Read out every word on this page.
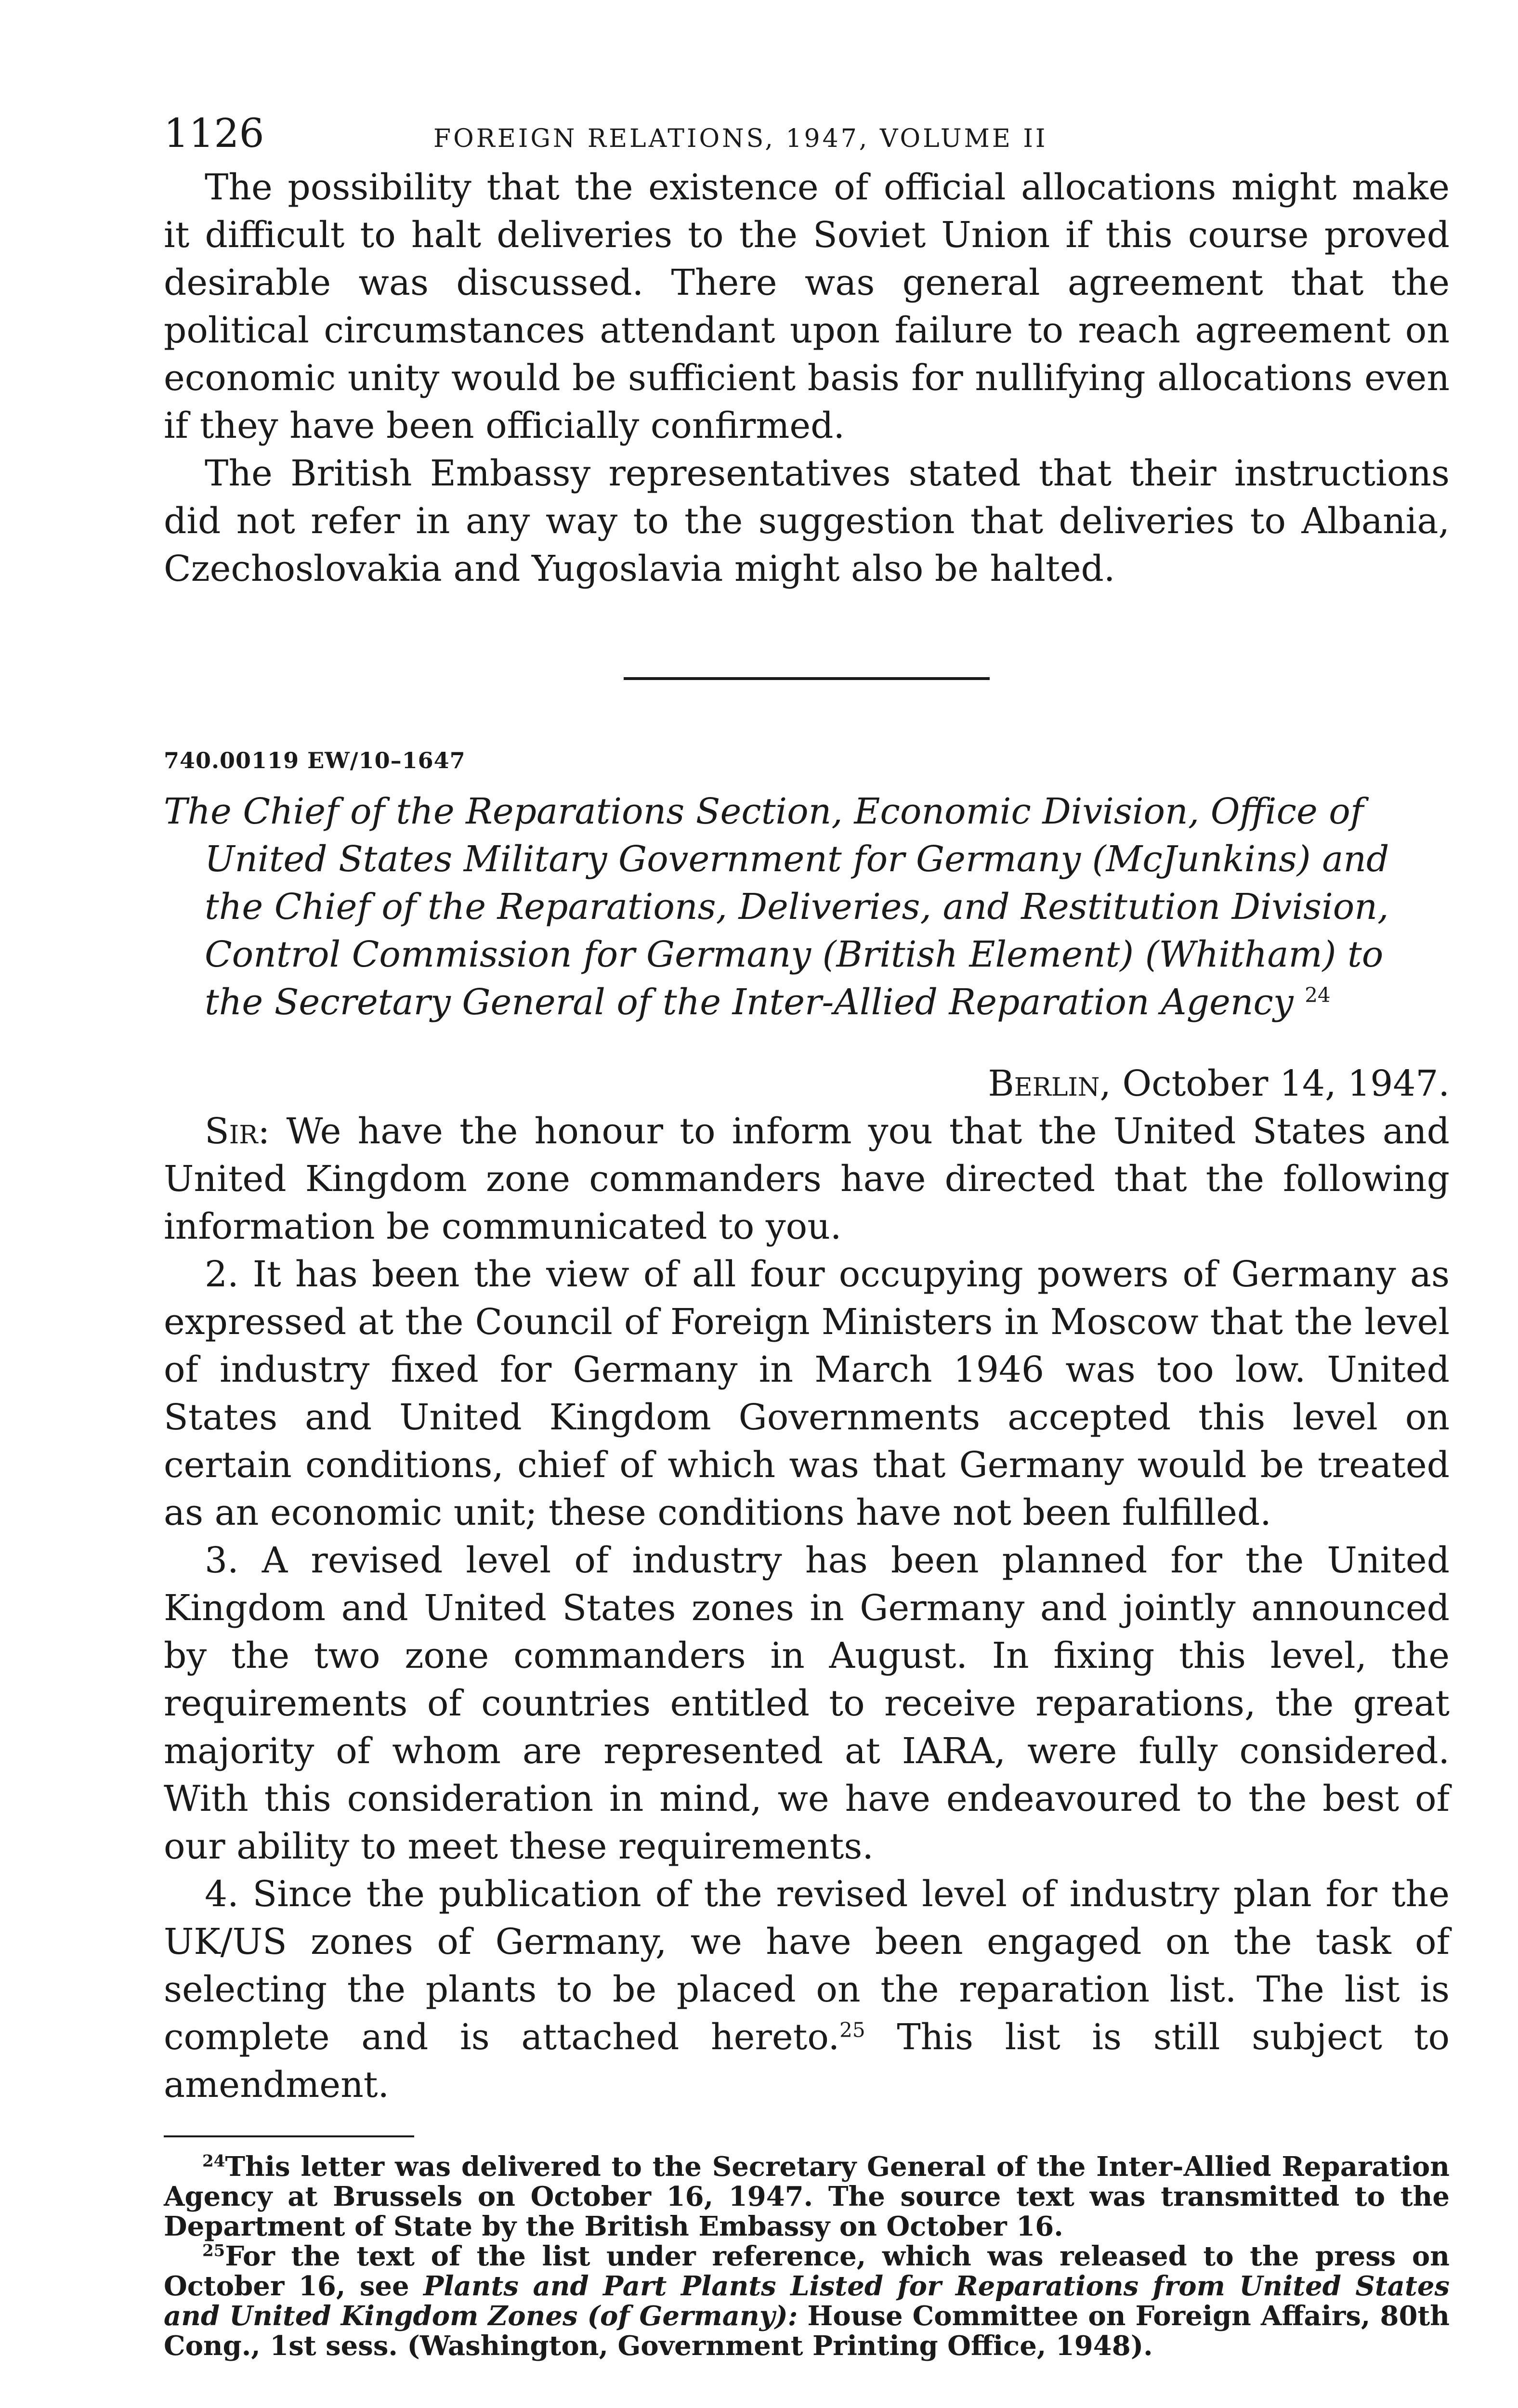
1126	FOREIGN RELATIONS, 1947, VOLUME II

The possibility that the existence of official allocations might make it difficult to halt deliveries to the Soviet Union if this course proved desirable was discussed. There was general agreement that the political circumstances attendant upon failure to reach agreement on economic unity would be sufficient basis for nullifying allocations even if they have been officially confirmed.

The British Embassy representatives stated that their instructions did not refer in any way to the suggestion that deliveries to Albania, Czechoslovakia and Yugoslavia might also be halted.

740.00119 EW/10–1647

The Chief of the Reparations Section, Economic Division, Office of United States Military Government for Germany (McJunkins) and the Chief of the Reparations, Deliveries, and Restitution Division, Control Commission for Germany (British Element) (Whitham) to the Secretary General of the Inter-Allied Reparation Agency $^{24}$

Berlin, October 14, 1947.

Sir: We have the honour to inform you that the United States and United Kingdom zone commanders have directed that the following information be communicated to you.

2. It has been the view of all four occupying powers of Germany as expressed at the Council of Foreign Ministers in Moscow that the level of industry fixed for Germany in March 1946 was too low. United States and United Kingdom Governments accepted this level on certain conditions, chief of which was that Germany would be treated as an economic unit; these conditions have not been fulfilled.

3. A revised level of industry has been planned for the United Kingdom and United States zones in Germany and jointly announced by the two zone commanders in August. In fixing this level, the requirements of countries entitled to receive reparations, the great majority of whom are represented at IARA, were fully considered. With this consideration in mind, we have endeavoured to the best of our ability to meet these requirements.

4. Since the publication of the revised level of industry plan for the UK/US zones of Germany, we have been engaged on the task of selecting the plants to be placed on the reparation list. The list is complete and is attached hereto.$^{25}$ This list is still subject to amendment.

$^{24}$This letter was delivered to the Secretary General of the Inter-Allied Reparation Agency at Brussels on October 16, 1947. The source text was transmitted to the Department of State by the British Embassy on October 16.

$^{25}$For the text of the list under reference, which was released to the press on October 16, see Plants and Part Plants Listed for Reparations from United States and United Kingdom Zones (of Germany): House Committee on Foreign Affairs, 80th Cong., 1st sess. (Washington, Government Printing Office, 1948).
